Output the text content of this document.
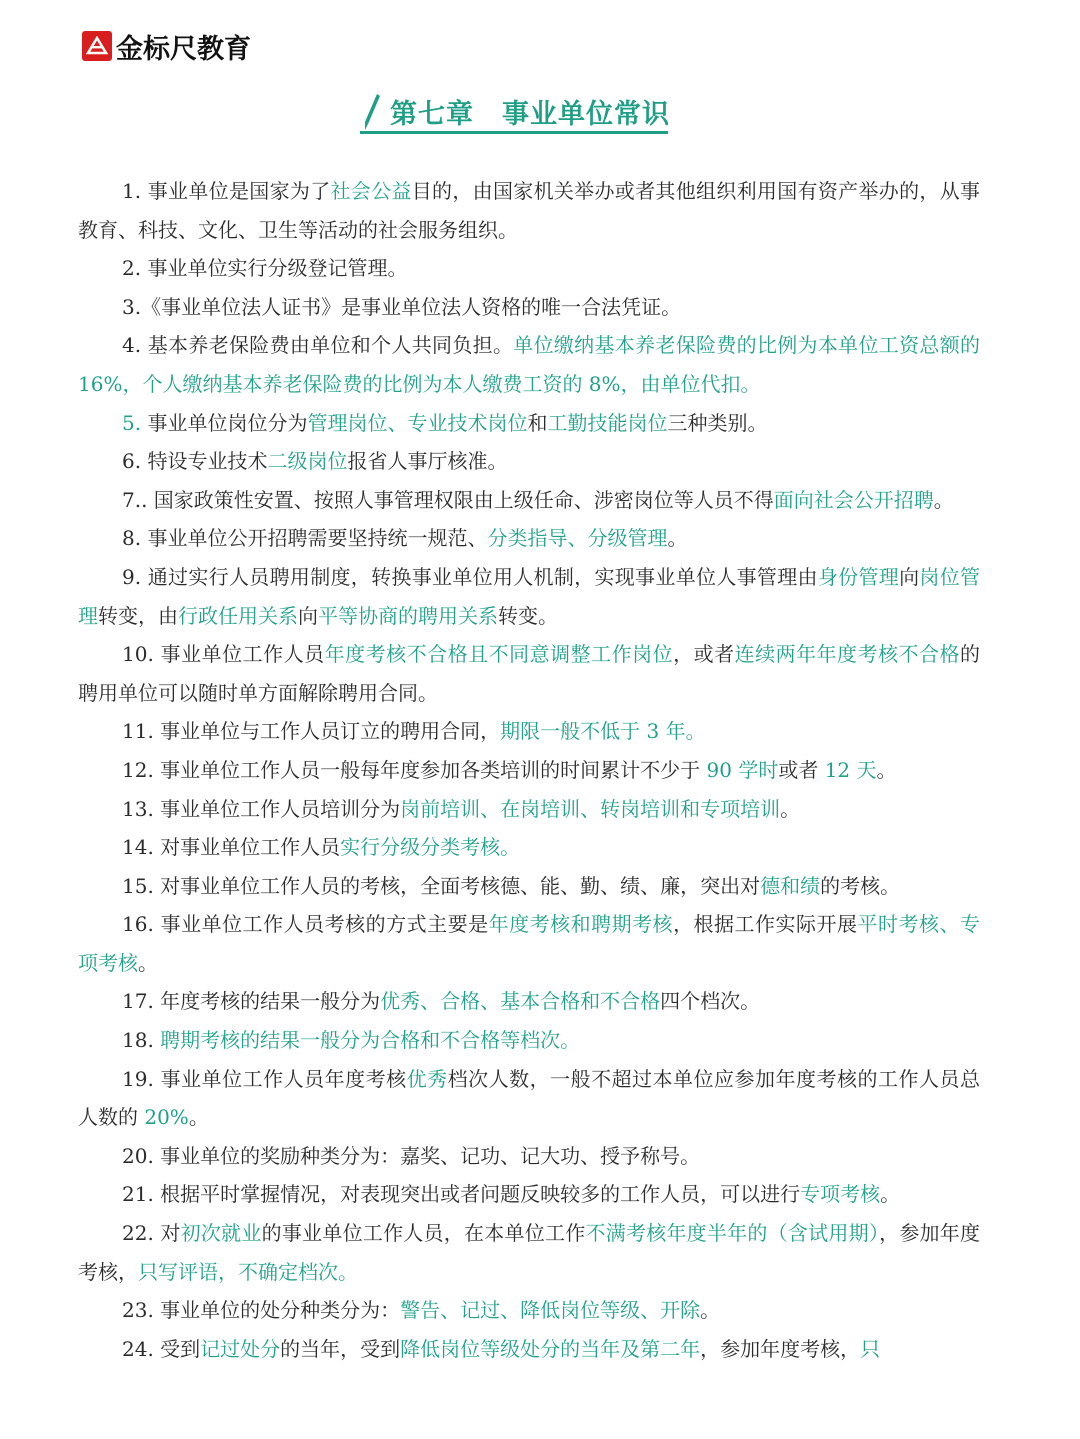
金标尺教育
第七章　事业单位常识

1. 事业单位是国家为了社会公益目的，由国家机关举办或者其他组织利用国有资产举办的，从事教育、科技、文化、卫生等活动的社会服务组织。

2. 事业单位实行分级登记管理。

3.《事业单位法人证书》是事业单位法人资格的唯一合法凭证。

4. 基本养老保险费由单位和个人共同负担。单位缴纳基本养老保险费的比例为本单位工资总额的 16%，个人缴纳基本养老保险费的比例为本人缴费工资的 8%，由单位代扣。

5. 事业单位岗位分为管理岗位、专业技术岗位和工勤技能岗位三种类别。

6. 特设专业技术二级岗位报省人事厅核准。

7.. 国家政策性安置、按照人事管理权限由上级任命、涉密岗位等人员不得面向社会公开招聘。

8. 事业单位公开招聘需要坚持统一规范、分类指导、分级管理。

9. 通过实行人员聘用制度，转换事业单位用人机制，实现事业单位人事管理由身份管理向岗位管理转变，由行政任用关系向平等协商的聘用关系转变。

10. 事业单位工作人员年度考核不合格且不同意调整工作岗位，或者连续两年年度考核不合格的聘用单位可以随时单方面解除聘用合同。

11. 事业单位与工作人员订立的聘用合同，期限一般不低于 3 年。

12. 事业单位工作人员一般每年度参加各类培训的时间累计不少于 90 学时或者 12 天。

13. 事业单位工作人员培训分为岗前培训、在岗培训、转岗培训和专项培训。

14. 对事业单位工作人员实行分级分类考核。

15. 对事业单位工作人员的考核，全面考核德、能、勤、绩、廉，突出对德和绩的考核。

16. 事业单位工作人员考核的方式主要是年度考核和聘期考核，根据工作实际开展平时考核、专项考核。

17. 年度考核的结果一般分为优秀、合格、基本合格和不合格四个档次。

18. 聘期考核的结果一般分为合格和不合格等档次。

19. 事业单位工作人员年度考核优秀档次人数，一般不超过本单位应参加年度考核的工作人员总人数的 20%。

20. 事业单位的奖励种类分为：嘉奖、记功、记大功、授予称号。

21. 根据平时掌握情况，对表现突出或者问题反映较多的工作人员，可以进行专项考核。

22. 对初次就业的事业单位工作人员，在本单位工作不满考核年度半年的（含试用期），参加年度考核，只写评语，不确定档次。

23. 事业单位的处分种类分为：警告、记过、降低岗位等级、开除。

24. 受到记过处分的当年，受到降低岗位等级处分的当年及第二年，参加年度考核，只
